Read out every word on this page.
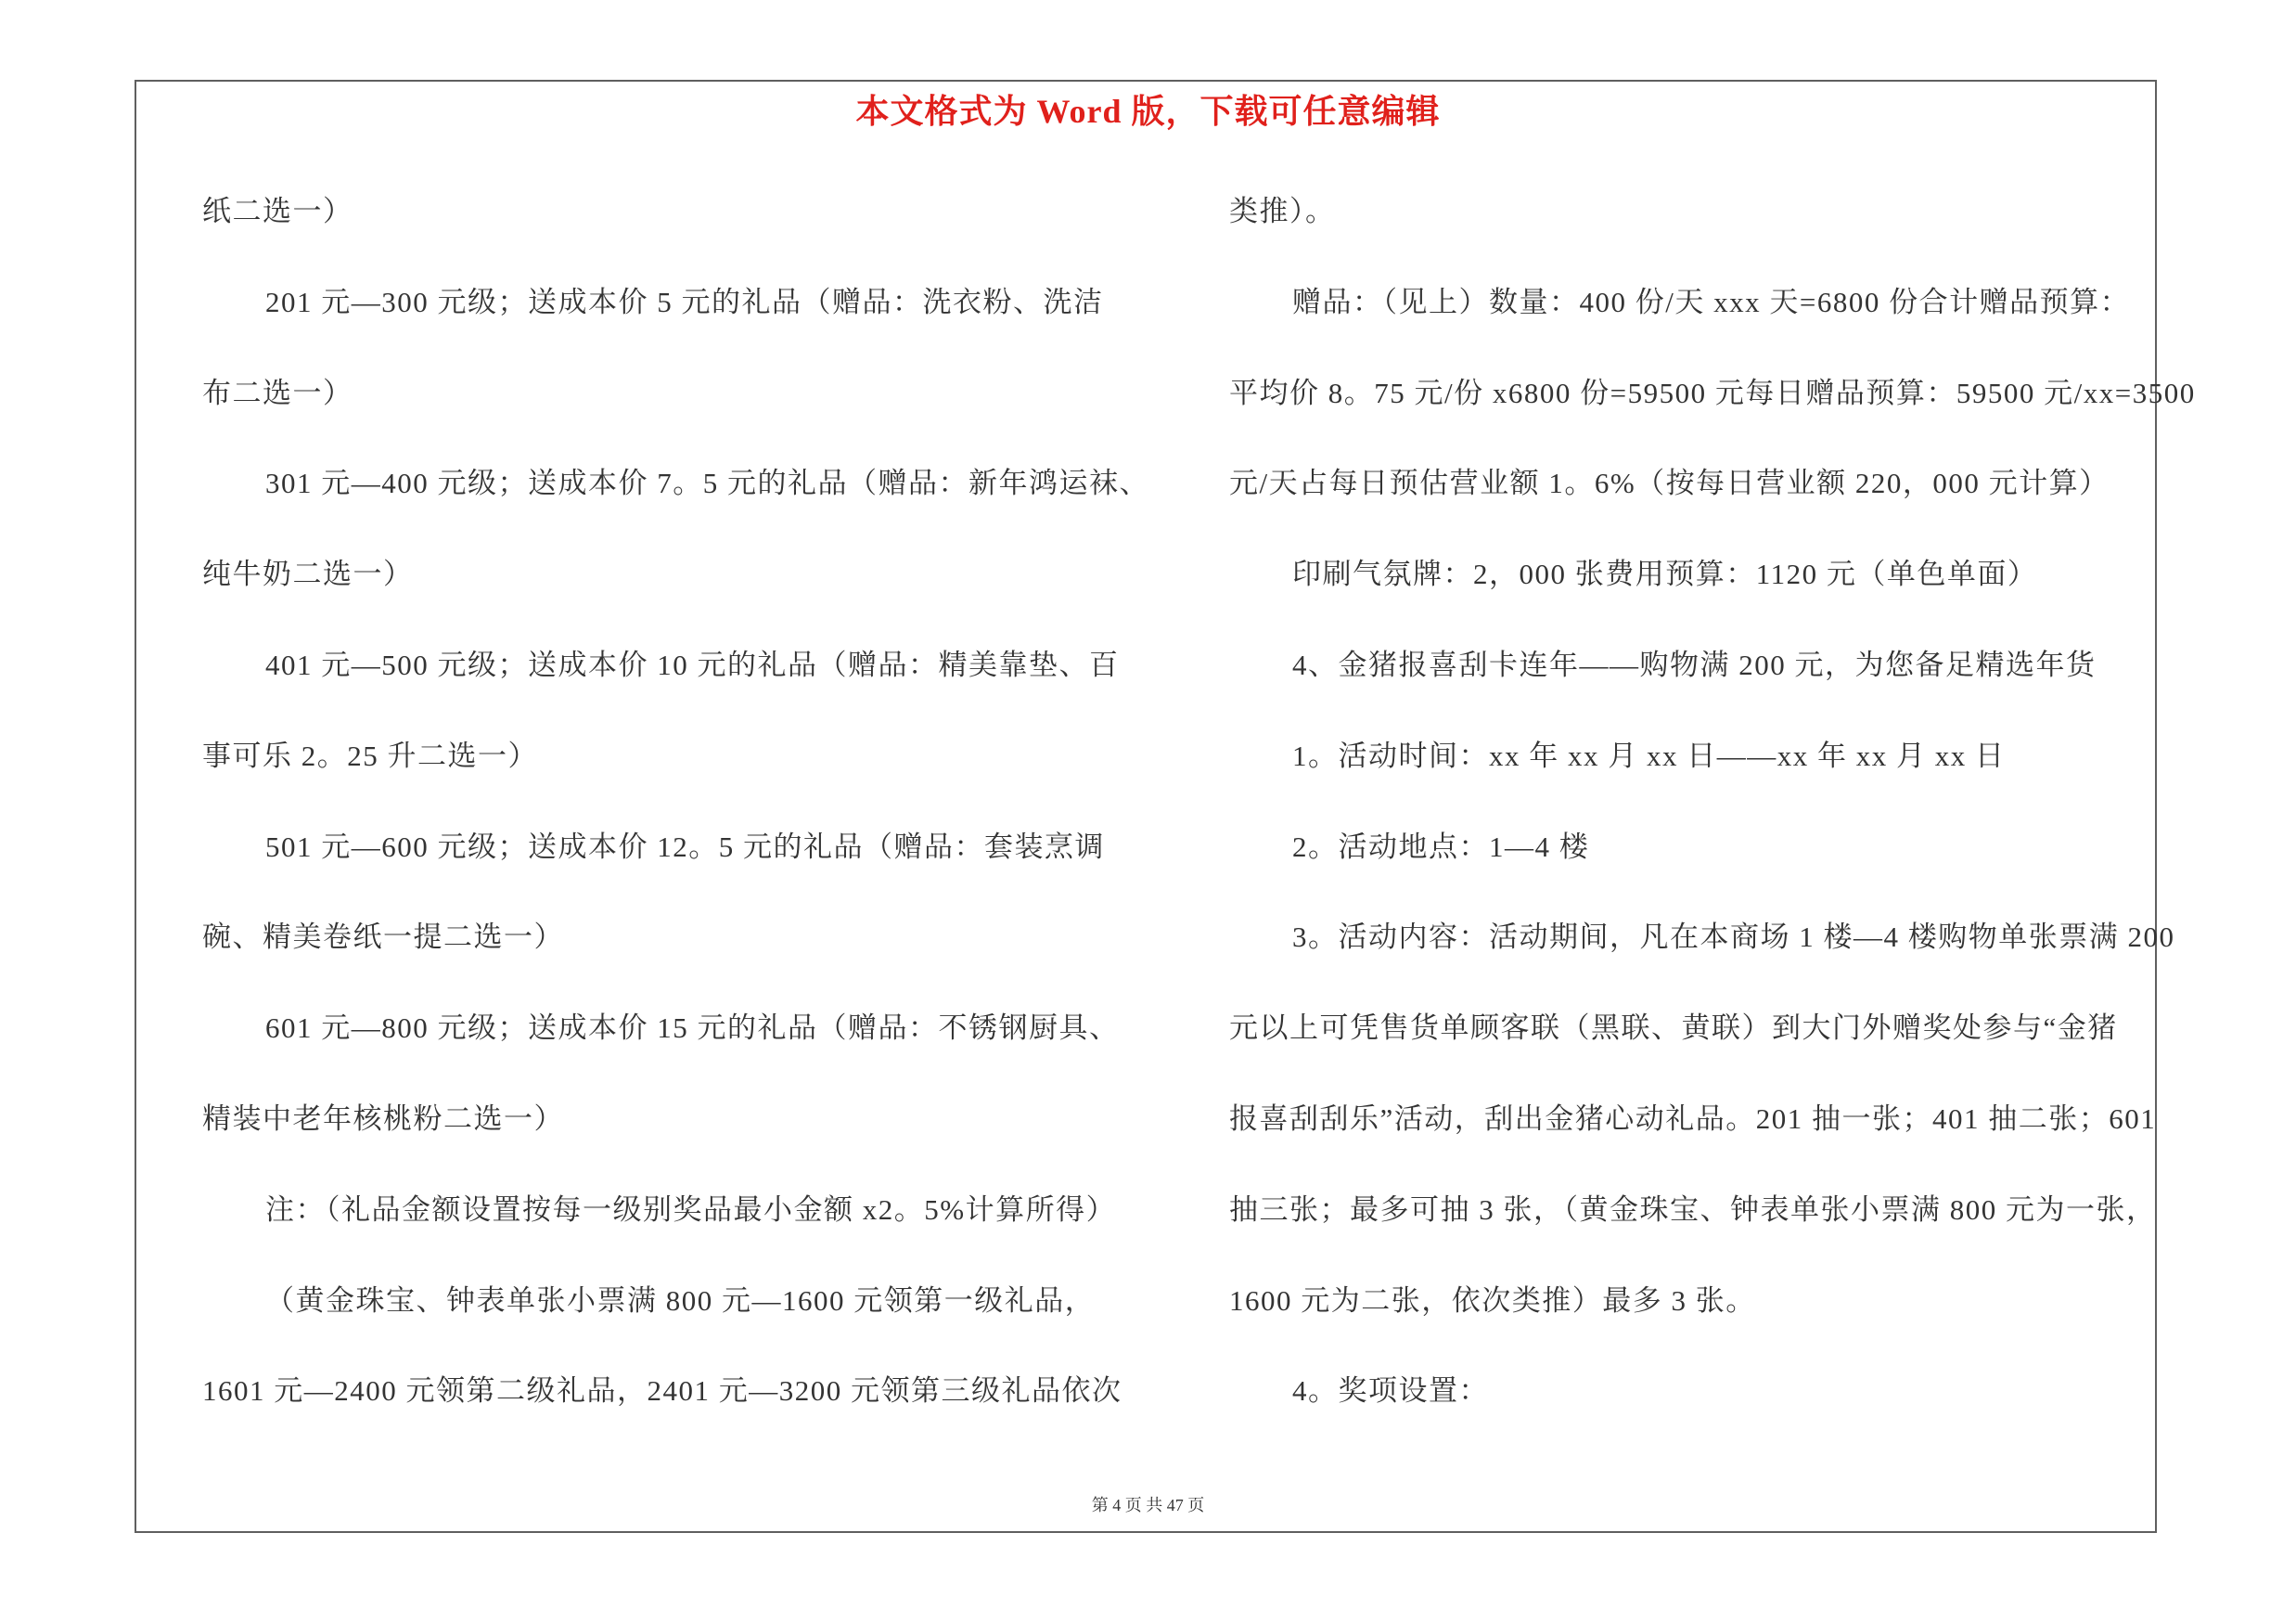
本文格式为 Word 版，下载可任意编辑
纸二选一）
201 元—300 元级；送成本价 5 元的礼品（赠品：洗衣粉、洗洁
布二选一）
301 元—400 元级；送成本价 7。5 元的礼品（赠品：新年鸿运袜、
纯牛奶二选一）
401 元—500 元级；送成本价 10 元的礼品（赠品：精美靠垫、百
事可乐 2。25 升二选一）
501 元—600 元级；送成本价 12。5 元的礼品（赠品：套装烹调
碗、精美卷纸一提二选一）
601 元—800 元级；送成本价 15 元的礼品（赠品：不锈钢厨具、
精装中老年核桃粉二选一）
注：（礼品金额设置按每一级别奖品最小金额 x2。5%计算所得）
（黄金珠宝、钟表单张小票满 800 元—1600 元领第一级礼品，
1601 元—2400 元领第二级礼品，2401 元—3200 元领第三级礼品依次
类推）。
赠品：（见上）数量：400 份/天 xxx 天=6800 份合计赠品预算：
平均价 8。75 元/份 x6800 份=59500 元每日赠品预算：59500 元/xx=3500
元/天占每日预估营业额 1。6%（按每日营业额 220，000 元计算）
印刷气氛牌：2，000 张费用预算：1120 元（单色单面）
4、金猪报喜刮卡连年——购物满 200 元，为您备足精选年货
1。活动时间：xx 年 xx 月 xx 日——xx 年 xx 月 xx 日
2。活动地点：1—4 楼
3。活动内容：活动期间，凡在本商场 1 楼—4 楼购物单张票满 200
元以上可凭售货单顾客联（黑联、黄联）到大门外赠奖处参与“金猪
报喜刮刮乐”活动，刮出金猪心动礼品。201 抽一张；401 抽二张；601
抽三张；最多可抽 3 张，（黄金珠宝、钟表单张小票满 800 元为一张，
1600 元为二张，依次类推）最多 3 张。
4。奖项设置：
第 4 页 共 47 页
